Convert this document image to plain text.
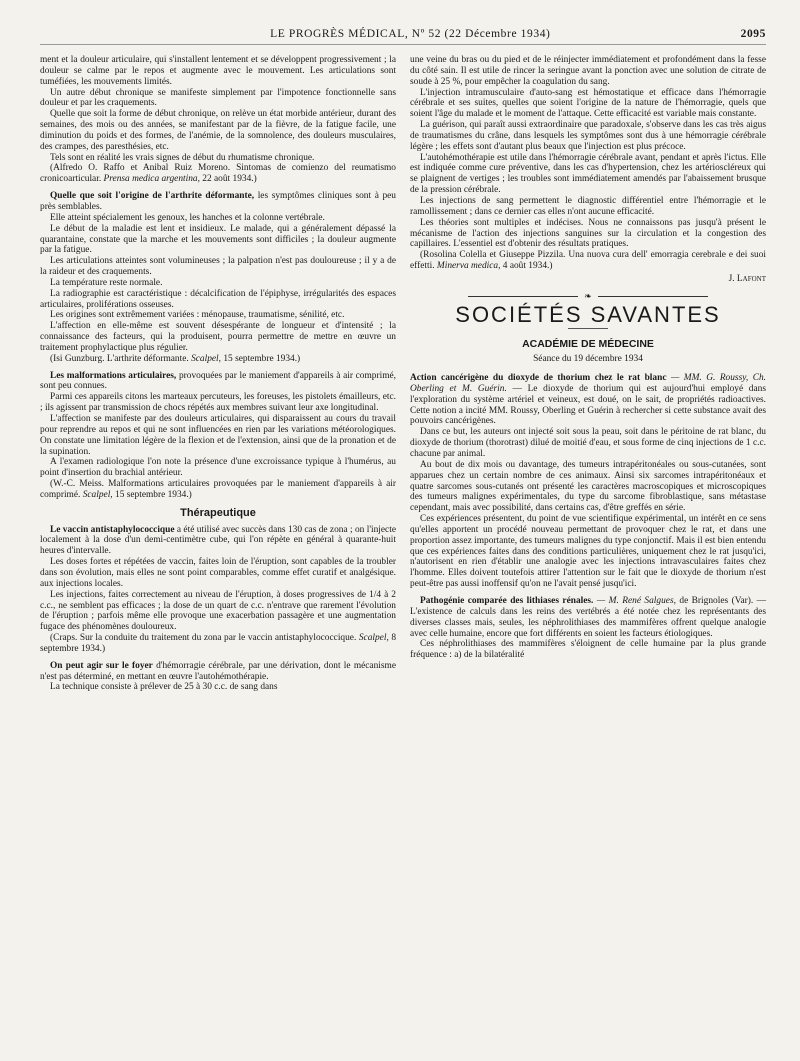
LE PROGRÈS MÉDICAL, Nº 52 (22 Décembre 1934)	2095

ment et la douleur articulaire, qui s'installent lentement et se développent progressivement ; la douleur se calme par le repos et augmente avec le mouvement. Les articulations sont tuméfiées, les mouvements limités.

Un autre début chronique se manifeste simplement par l'impotence fonctionnelle sans douleur et par les craquements.

Quelle que soit la forme de début chronique, on relève un état morbide antérieur, durant des semaines, des mois ou des années, se manifestant par de la fièvre, de la fatigue facile, une diminution du poids et des formes, de l'anémie, de la somnolence, des douleurs musculaires, des crampes, des paresthésies, etc.

Tels sont en réalité les vrais signes de début du rhumatisme chronique.

(Alfredo O. Raffo et Anibal Ruiz Moreno. Sintomas de comienzo del reumatismo cronicoarticular. Prensa medica argentina, 22 août 1934.)

Quelle que soit l'origine de l'arthrite déformante, les symptômes cliniques sont à peu près semblables.

Elle atteint spécialement les genoux, les hanches et la colonne vertébrale.

Le début de la maladie est lent et insidieux. Le malade, qui a généralement dépassé la quarantaine, constate que la marche et les mouvements sont difficiles ; la douleur augmente par la fatigue.

Les articulations atteintes sont volumineuses ; la palpation n'est pas douloureuse ; il y a de la raideur et des craquements.

La température reste normale.

La radiographie est caractéristique : décalcification de l'épiphyse, irrégularités des espaces articulaires, proliférations osseuses.

Les origines sont extrêmement variées : ménopause, traumatisme, sénilité, etc.

L'affection en elle-même est souvent désespérante de longueur et d'intensité ; la connaissance des facteurs, qui la produisent, pourra permettre de mettre en œuvre un traitement prophylactique plus régulier.

(Isi Gunzburg. L'arthrite déformante. Scalpel, 15 septembre 1934.)

Les malformations articulaires, provoquées par le maniement d'appareils à air comprimé, sont peu connues.

Parmi ces appareils citons les marteaux percuteurs, les foreuses, les pistolets émailleurs, etc. ; ils agissent par transmission de chocs répétés aux membres suivant leur axe longitudinal.

L'affection se manifeste par des douleurs articulaires, qui disparaissent au cours du travail pour reprendre au repos et qui ne sont influencées en rien par les variations météorologiques. On constate une limitation légère de la flexion et de l'extension, ainsi que de la pronation et de la supination.

A l'examen radiologique l'on note la présence d'une excroissance typique à l'humérus, au point d'insertion du brachial antérieur.

(W.-C. Meiss. Malformations articulaires provoquées par le maniement d'appareils à air comprimé. Scalpel, 15 septembre 1934.)

Thérapeutique

Le vaccin antistaphylococcique a été utilisé avec succès dans 130 cas de zona ; on l'injecte localement à la dose d'un demi-centimètre cube, qui l'on répète en général à quarante-huit heures d'intervalle.

Les doses fortes et répétées de vaccin, faites loin de l'éruption, sont capables de la troubler dans son évolution, mais elles ne sont point comparables, comme effet curatif et analgésique. aux injections locales.

Les injections, faites correctement au niveau de l'éruption, à doses progressives de 1/4 à 2 c.c., ne semblent pas efficaces ; la dose de un quart de c.c. n'entrave que rarement l'évolution de l'éruption ; parfois même elle provoque une exacerbation passagère et une augmentation fugace des phénomènes douloureux.

(Craps. Sur la conduite du traitement du zona par le vaccin antistaphylococcique. Scalpel, 8 septembre 1934.)

On peut agir sur le foyer d'hémorragie cérébrale, par une dérivation, dont le mécanisme n'est pas déterminé, en mettant en œuvre l'autohémothérapie.

La technique consiste à prélever de 25 à 30 c.c. de sang dans

une veine du bras ou du pied et de le réinjecter immédiatement et profondément dans la fesse du côté sain. Il est utile de rincer la seringue avant la ponction avec une solution de citrate de soude à 25 %, pour empêcher la coagulation du sang.

L'injection intramusculaire d'auto-sang est hémostatique et efficace dans l'hémorragie cérébrale et ses suites, quelles que soient l'origine de la nature de l'hémorragie, quels que soient l'âge du malade et le moment de l'attaque. Cette efficacité est variable mais constante.

La guérison, qui paraît aussi extraordinaire que paradoxale, s'observe dans les cas très aigus de traumatismes du crâne, dans lesquels les symptômes sont dus à une hémorragie cérébrale légère ; les effets sont d'autant plus beaux que l'injection est plus précoce.

L'autohémothérapie est utile dans l'hémorragie cérébrale avant, pendant et après l'ictus. Elle est indiquée comme cure préventive, dans les cas d'hypertension, chez les artérioscléreux qui se plaignent de vertiges ; les troubles sont immédiatement amendés par l'abaissement brusque de la pression cérébrale.

Les injections de sang permettent le diagnostic différentiel entre l'hémorragie et le ramollissement ; dans ce dernier cas elles n'ont aucune efficacité.

Les théories sont multiples et indécises. Nous ne connaissons pas jusqu'à présent le mécanisme de l'action des injections sanguines sur la circulation et la congestion des capillaires. L'essentiel est d'obtenir des résultats pratiques.

(Rosolina Colella et Giuseppe Pizzila. Una nuova cura dell' emorragia cerebrale e dei suoi effetti. Minerva medica, 4 août 1934.)

J. Lafont
❧
SOCIÉTÉS SAVANTES
ACADÉMIE DE MÉDECINE
Séance du 19 décembre 1934

Action cancérigène du dioxyde de thorium chez le rat blanc — MM. G. Roussy, Ch. Oberling et M. Guérin. — Le dioxyde de thorium qui est aujourd'hui employé dans l'exploration du système artériel et veineux, est doué, on le sait, de propriétés radioactives. Cette notion a incité MM. Roussy, Oberling et Guérin à rechercher si cette substance avait des pouvoirs cancérigènes.

Dans ce but, les auteurs ont injecté soit sous la peau, soit dans le péritoine de rat blanc, du dioxyde de thorium (thorotrast) dilué de moitié d'eau, et sous forme de cinq injections de 1 c.c. chacune par animal.

Au bout de dix mois ou davantage, des tumeurs intrapéritonéales ou sous-cutanées, sont apparues chez un certain nombre de ces animaux. Ainsi six sarcomes intrapéritonéaux et quatre sarcomes sous-cutanés ont présenté les caractères macroscopiques et microscopiques des tumeurs malignes expérimentales, du type du sarcome fibroblastique, sans métastase cependant, mais avec possibilité, dans certains cas, d'être greffés en série.

Ces expériences présentent, du point de vue scientifique expérimental, un intérêt en ce sens qu'elles apportent un procédé nouveau permettant de provoquer chez le rat, et dans une proportion assez importante, des tumeurs malignes du type conjonctif. Mais il est bien entendu que ces expériences faites dans des conditions particulières, uniquement chez le rat jusqu'ici, n'autorisent en rien d'établir une analogie avec les injections intravasculaires faites chez l'homme. Elles doivent toutefois attirer l'attention sur le fait que le dioxyde de thorium n'est peut-être pas aussi inoffensif qu'on ne l'avait pensé jusqu'ici.

Pathogénie comparée des lithiases rénales. — M. René Salgues, de Brignoles (Var). — L'existence de calculs dans les reins des vertébrés a été notée chez les représentants des diverses classes mais, seules, les néphrolithiases des mammifères offrent quelque analogie avec celle humaine, encore que fort différents en soient les facteurs étiologiques.

Ces néphrolithiases des mammifères s'éloignent de celle humaine par la plus grande fréquence : a) de la bilatéralité
